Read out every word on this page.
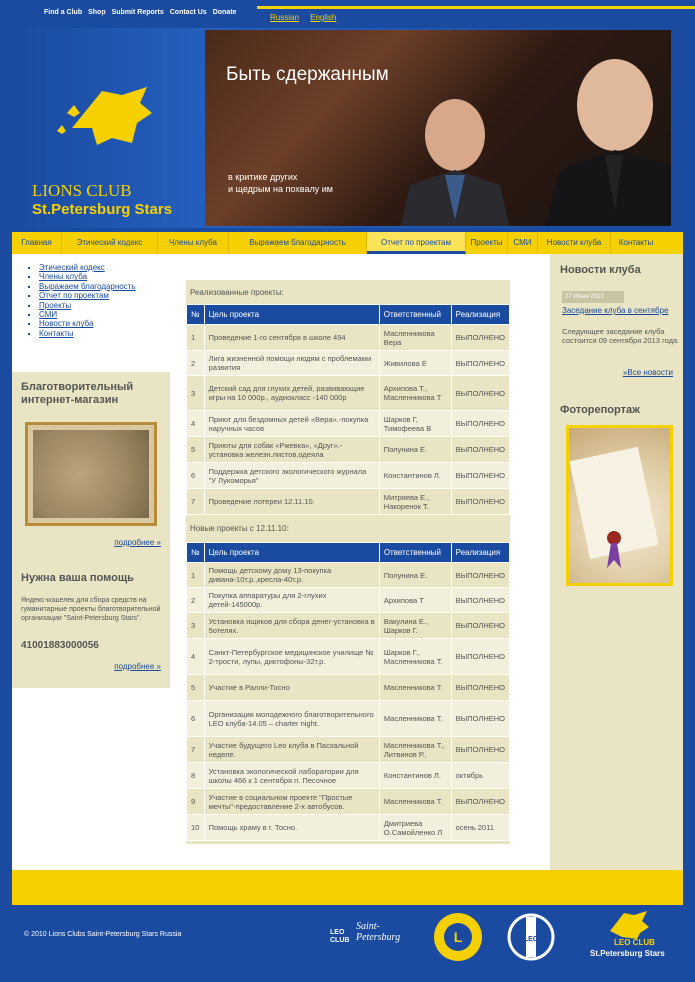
Find a Club Shop Submit Reports Contact Us Donate
Russian English
LIONS CLUB
St.Petersburg Stars
Быть сдержанным
в критике других
и щедрым на похвалу им
Главная	Этический кодекс	Члены клуба	Выражаем благодарность	Отчет по проектам	Проекты	СМИ	Новости клуба	Контакты
▪ Этический кодекс
▪ Члены клуба
▪ Выражаем благодарность
▪ Отчет по проектам
▪ Проекты
▪ СМИ
▪ Новости клуба
▪ Контакты
Благотворительный интернет-магазин
подробнее »
Нужна ваша помощь
Яндекс-кошелек для сбора средств на гуманитарные проекты благотворительной организации "Saint-Petersburg Stars".
41001883000056
подробнее »
Реализованные проекты:
№	Цель проекта	Ответственный	Реализация
1	Проведение 1-го сентября в школе 494	Масленникова Вера	ВЫПОЛНЕНО
2	Лига жизненной помощи людям с проблемами развития	Живилова Е	ВЫПОЛНЕНО
3	Детский сад для глухих детей, развивающие игры на 10 000р., аудиокласс -140 000р	Архипова Т., Масленникова Т	ВЫПОЛНЕНО
4	Приют для бездомных детей «Вера».-покупка наручных часов	Шарков Г, Тимофеева В	ВЫПОЛНЕНО
5	Приюты для собак «Ржевка», «Друг».-установка железн.листов,одеяла	Полунина Е.	ВЫПОЛНЕНО
6	Поддержка детского экологического журнала "У Лукоморья"	Константинов Л.	ВЫПОЛНЕНО
7	Проведение лотереи 12.11.10.	Митряева Е., Накоренок Т.	ВЫПОЛНЕНО
Новые проекты с 12.11.10:
№	Цель проекта	Ответственный	Реализация
1	Помощь детскому дому 13-покупка дивана-10т.р.,кресла-40т.р.	Полунина Е.	ВЫПОЛНЕНО
2	Покупка аппаратуры для 2-глухих детей-145000р.	Архипова Т	ВЫПОЛНЕНО
3	Установка ящиков для сбора денег-установка в 5отелях.	Вакулина Е., Шарков Г.	ВЫПОЛНЕНО
4	Санкт-Петербургское медицинское училище № 2-трости, лупы, диктофоны-32т.р.	Шарков Г., Масленникова Т.	ВЫПОЛНЕНО
5	Участие в Ралли-Тосно	Масленникова Т.	ВЫПОЛНЕНО
6	Организация молодежного благотворительного LEO клуба-14.05 – charter night.	Масленникова Т.	ВЫПОЛНЕНО
7	Участие будущего Leo клуба в Пасхальной неделе.	Масленникова Т., Литвинов Р.,	ВЫПОЛНЕНО
8	Установка экологической лаборатории для школы 466 к 1 сентября п. Песочное	Константинов Л.	октябрь
9	Участие в социальном проекте "Простые мечты"-предоставление 2-х автобусов.	Масленникова Т.	ВЫПОЛНЕНО
10	Помощь храму в г. Тосно.	Дмитриева О.Самойленко Л	осень 2011
Новости клуба
27 Июня 2013
Заседание клуба в сентябре
Следующее заседание клуба состоится 09 сентября 2013 года.
»Все новости
Фоторепортаж
© 2010 Lions Clubs Saint-Petersburg Stars Russia	LEO CLUB
Saint-Petersburg	L	LEO	LEO CLUB
St.Petersburg Stars
